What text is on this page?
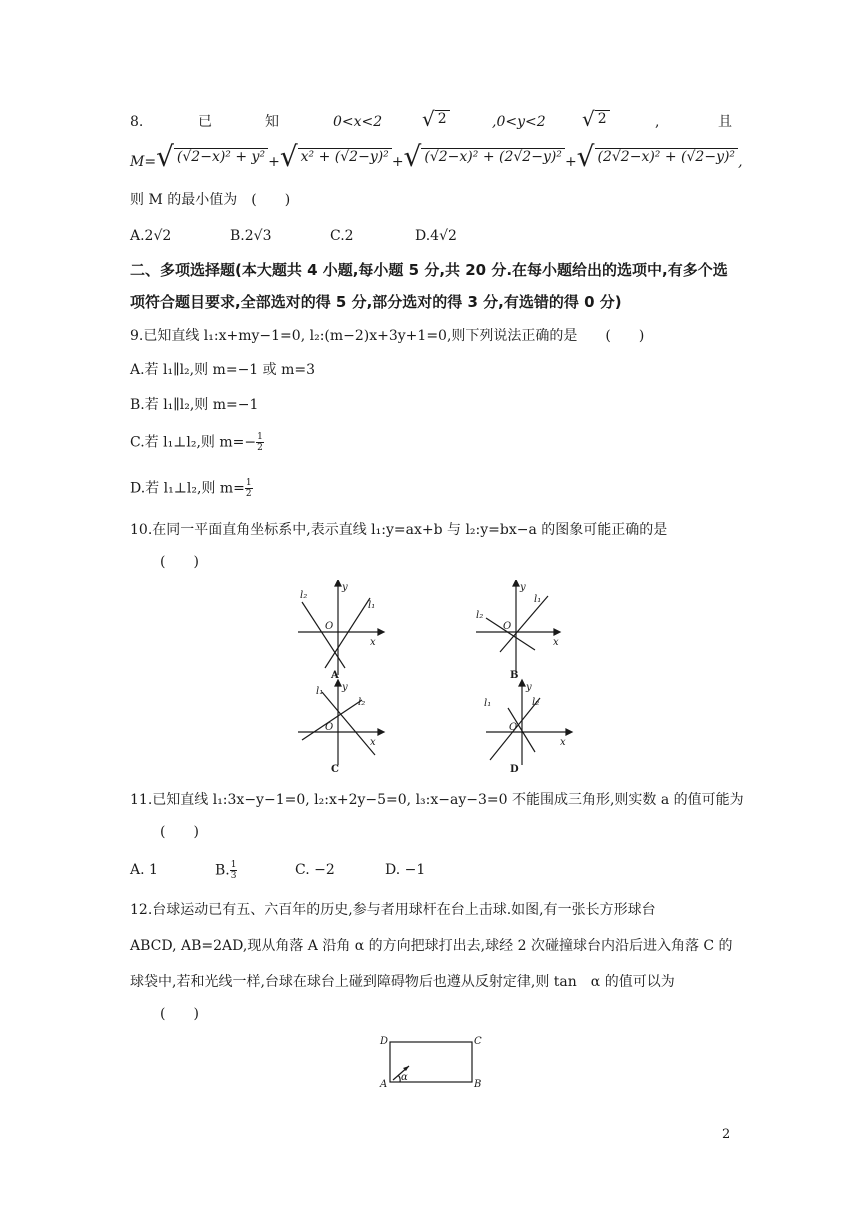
8.	已	知	0<x<2 √ 2	,0<y<2 √ 2	,	且
M= √ (√2−x)² + y² + √ x² + (√2−y)² + √ (√2−x)² + (2√2−y)² + √ (2√2−x)² + (√2−y)² ,
则 M 的最小值为　(　　)
A.2√2	B.2√3	C.2	D.4√2
二、多项选择题(本大题共 4 小题,每小题 5 分,共 20 分.在每小题给出的选项中,有多个选
项符合题目要求,全部选对的得 5 分,部分选对的得 3 分,有选错的得 0 分)
9.已知直线 l₁:x+my−1=0, l₂:(m−2)x+3y+1=0,则下列说法正确的是　　(　　)
A.若 l₁∥l₂,则 m=−1 或 m=3
B.若 l₁∥l₂,则 m=−1
C.若 l₁⊥l₂,则 $m=- \frac{1}{2}$
D.若 l₁⊥l₂,则 $m= \frac{1}{2}$
10.在同一平面直角坐标系中,表示直线 l₁:y=ax+b 与 l₂:y=bx−a 的图象可能正确的是
(　　)
y
x
O
l₂
l₁
A
y
x
O
l₂
l₁
B
y
x
O
l₁
l₂
C
y
x
O
l₁	l₂
D
11.已知直线 l₁:3x−y−1=0, l₂:x+2y−5=0, l₃:x−ay−3=0 不能围成三角形,则实数 a 的值可能为
(　　)
A. 1	B. $\frac{1}{3}$	C. −2	D. −1
12.台球运动已有五、六百年的历史,参与者用球杆在台上击球.如图,有一张长方形球台
ABCD, AB=2AD,现从角落 A 沿角 α 的方向把球打出去,球经 2 次碰撞球台内沿后进入角落 C 的
球袋中,若和光线一样,台球在球台上碰到障碍物后也遵从反射定律,则 tan　α 的值可以为
(　　)
D	C
A	B
α
2
